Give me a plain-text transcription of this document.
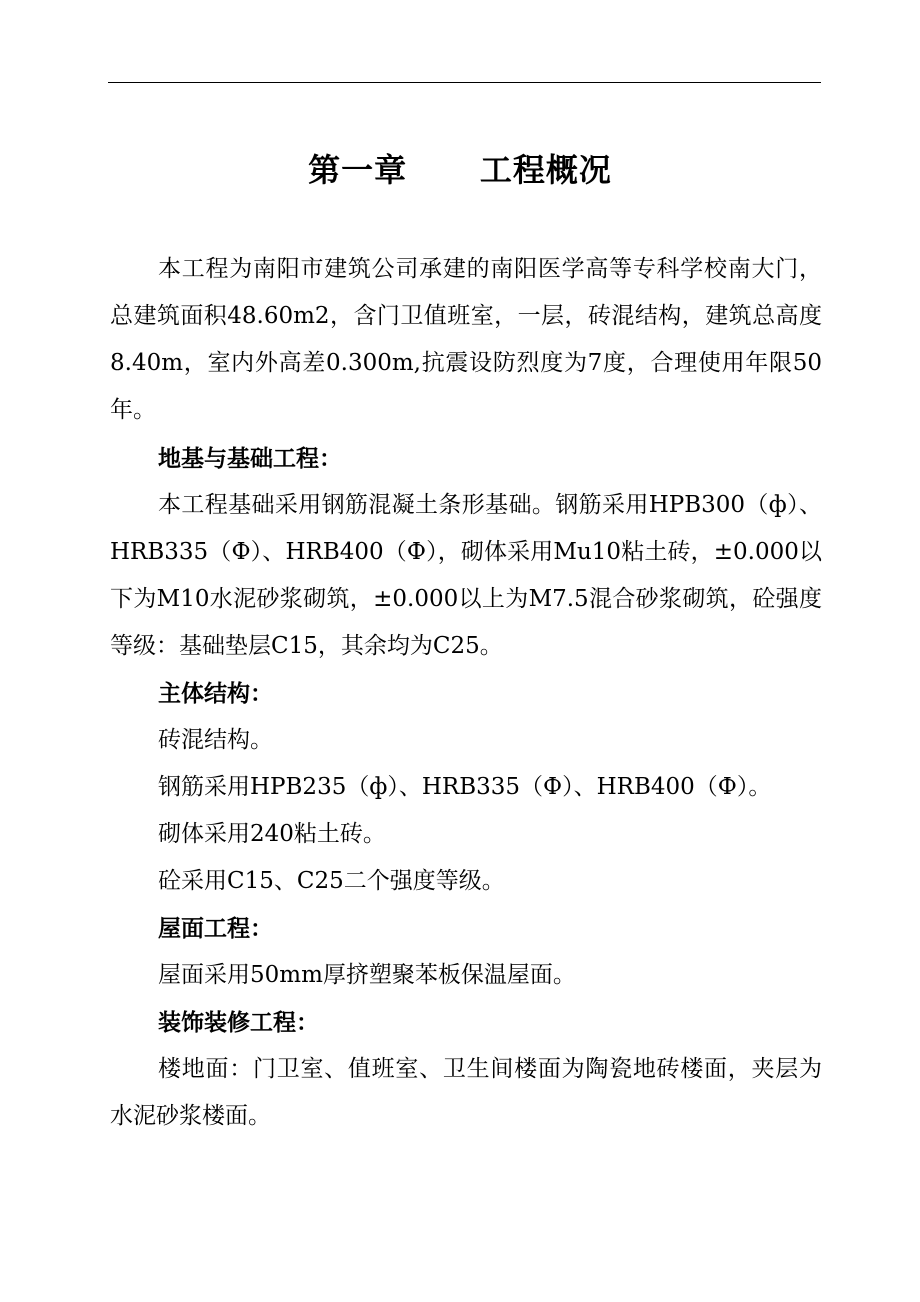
第一章      工程概况

本工程为南阳市建筑公司承建的南阳医学高等专科学校南大门，总建筑面积48.60m2，含门卫值班室，一层，砖混结构，建筑总高度8.40m，室内外高差0.300m,抗震设防烈度为7度，合理使用年限50年。

地基与基础工程：

本工程基础采用钢筋混凝土条形基础。钢筋采用HPB300（ф）、HRB335（Ф）、HRB400（Ф），砌体采用Mu10粘土砖，±0.000以下为M10水泥砂浆砌筑，±0.000以上为M7.5混合砂浆砌筑，砼强度等级：基础垫层C15，其余均为C25。

主体结构：

砖混结构。

钢筋采用HPB235（ф）、HRB335（Ф）、HRB400（Ф）。

砌体采用240粘土砖。

砼采用C15、C25二个强度等级。

屋面工程：

屋面采用50mm厚挤塑聚苯板保温屋面。

装饰装修工程：

楼地面：门卫室、值班室、卫生间楼面为陶瓷地砖楼面，夹层为水泥砂浆楼面。
